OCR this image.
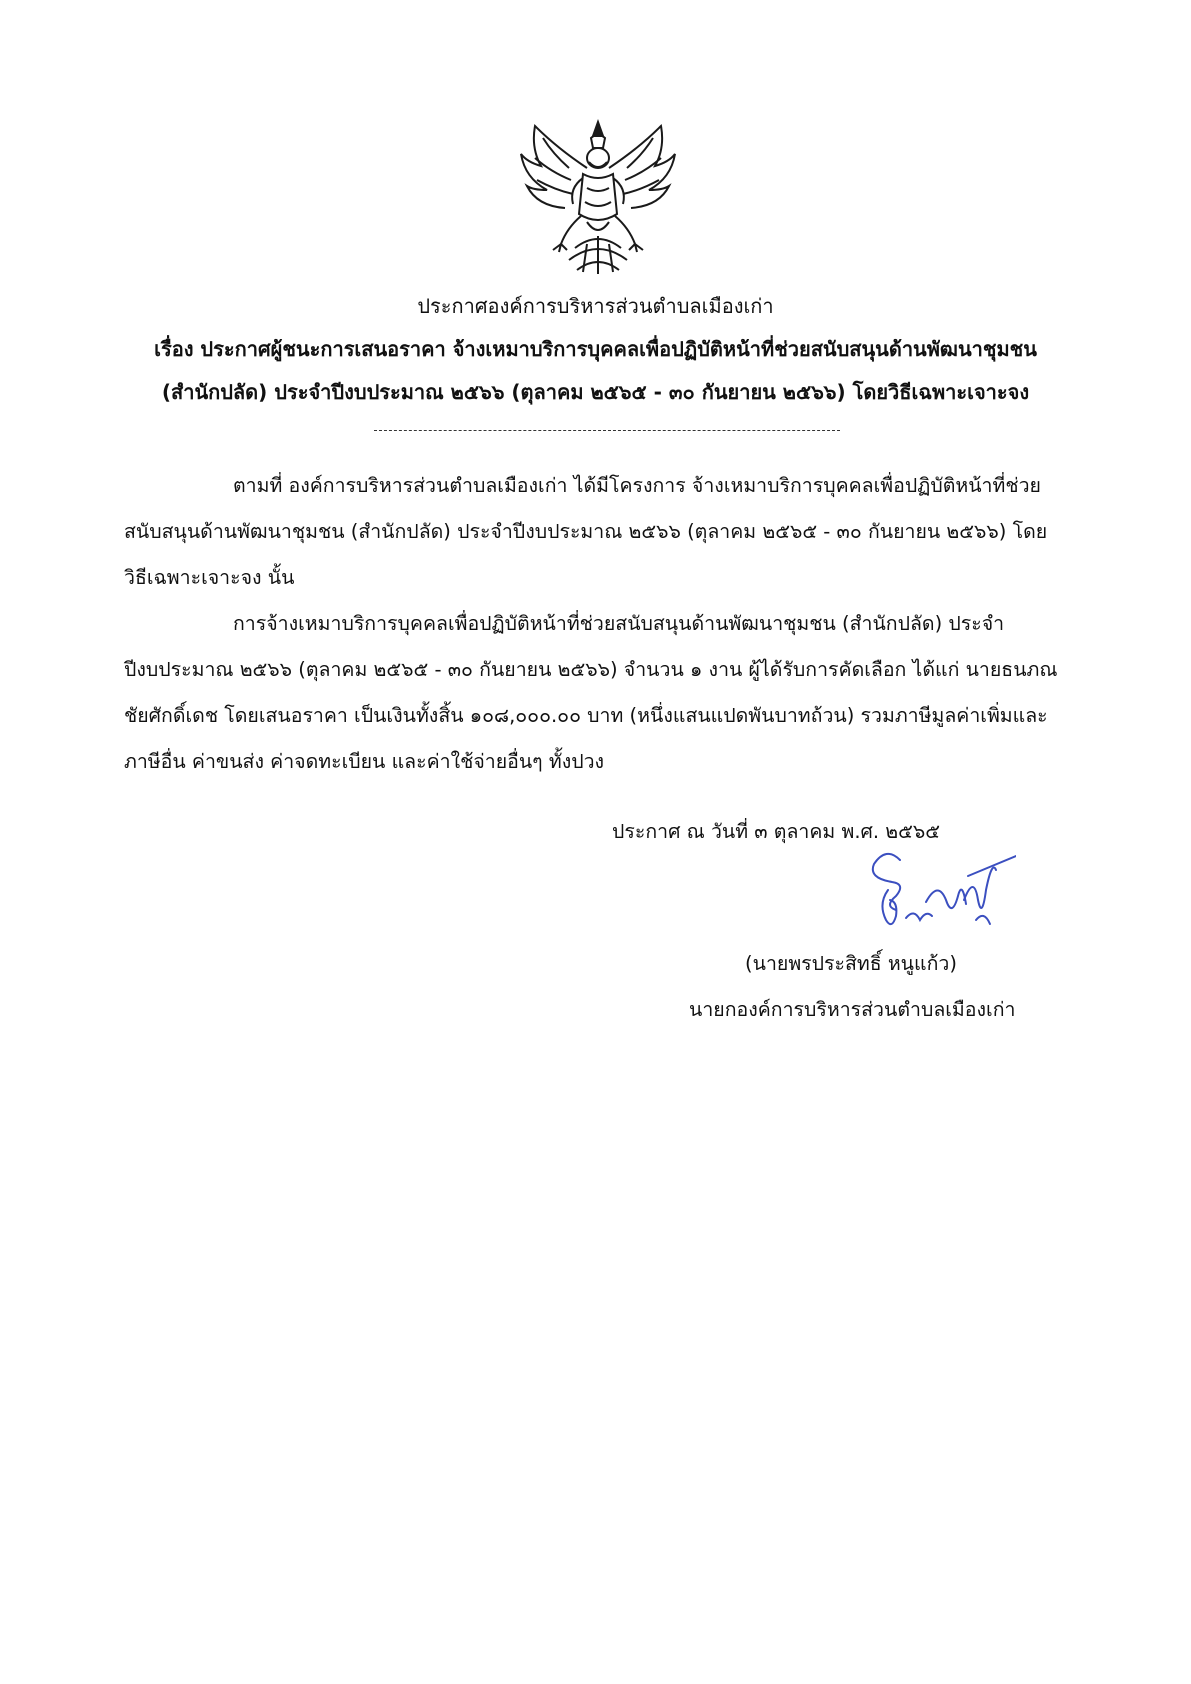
ประกาศองค์การบริหารส่วนตำบลเมืองเก่า
เรื่อง ประกาศผู้ชนะการเสนอราคา จ้างเหมาบริการบุคคลเพื่อปฏิบัติหน้าที่ช่วยสนับสนุนด้านพัฒนาชุมชน
(สำนักปลัด) ประจำปีงบประมาณ ๒๕๖๖ (ตุลาคม ๒๕๖๕ - ๓๐ กันยายน ๒๕๖๖) โดยวิธีเฉพาะเจาะจง
ตามที่ องค์การบริหารส่วนตำบลเมืองเก่า ได้มีโครงการ จ้างเหมาบริการบุคคลเพื่อปฏิบัติหน้าที่ช่วย
สนับสนุนด้านพัฒนาชุมชน (สำนักปลัด) ประจำปีงบประมาณ ๒๕๖๖ (ตุลาคม ๒๕๖๕ - ๓๐ กันยายน ๒๕๖๖) โดย
วิธีเฉพาะเจาะจง นั้น
การจ้างเหมาบริการบุคคลเพื่อปฏิบัติหน้าที่ช่วยสนับสนุนด้านพัฒนาชุมชน (สำนักปลัด) ประจำ
ปีงบประมาณ ๒๕๖๖ (ตุลาคม ๒๕๖๕ - ๓๐ กันยายน ๒๕๖๖) จำนวน ๑ งาน ผู้ได้รับการคัดเลือก ได้แก่ นายธนภณ
ชัยศักดิ์เดช โดยเสนอราคา เป็นเงินทั้งสิ้น ๑๐๘,๐๐๐.๐๐ บาท (หนึ่งแสนแปดพันบาทถ้วน) รวมภาษีมูลค่าเพิ่มและ
ภาษีอื่น ค่าขนส่ง ค่าจดทะเบียน และค่าใช้จ่ายอื่นๆ ทั้งปวง
ประกาศ ณ วันที่ ๓ ตุลาคม พ.ศ. ๒๕๖๕
(นายพรประสิทธิ์ หนูแก้ว)
นายกองค์การบริหารส่วนตำบลเมืองเก่า
